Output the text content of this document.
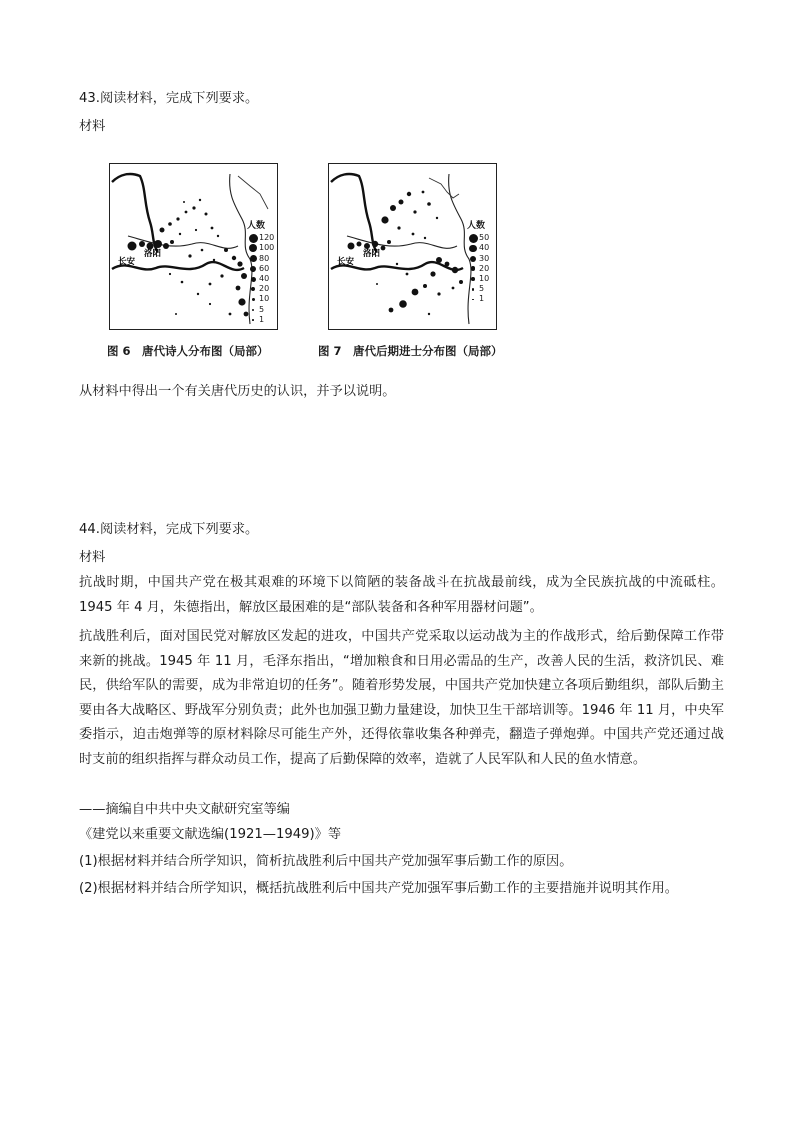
43.阅读材料，完成下列要求。
材料
长安
洛阳
人数
120
100
80
60
40
20
10
5
1
图 6　唐代诗人分布图（局部）
长安
洛阳
人数
50
40
30
20
10
5
1
图 7　唐代后期进士分布图（局部）
从材料中得出一个有关唐代历史的认识，并予以说明。
44.阅读材料，完成下列要求。
材料
抗战时期，中国共产党在极其艰难的环境下以简陋的装备战斗在抗战最前线，成为全民族抗战的中流砥柱。1945 年 4 月，朱德指出，解放区最困难的是“部队装备和各种军用器材问题”。
抗战胜利后，面对国民党对解放区发起的进攻，中国共产党采取以运动战为主的作战形式，给后勤保障工作带来新的挑战。1945 年 11 月，毛泽东指出，“增加粮食和日用必需品的生产，改善人民的生活，救济饥民、难民，供给军队的需要，成为非常迫切的任务”。随着形势发展，中国共产党加快建立各项后勤组织，部队后勤主要由各大战略区、野战军分别负责；此外也加强卫勤力量建设，加快卫生干部培训等。1946 年 11 月，中央军委指示，迫击炮弹等的原材料除尽可能生产外，还得依靠收集各种弹壳，翻造子弹炮弹。中国共产党还通过战时支前的组织指挥与群众动员工作，提高了后勤保障的效率，造就了人民军队和人民的鱼水情意。
——摘编自中共中央文献研究室等编
《建党以来重要文献选编(1921—1949)》等
(1)根据材料并结合所学知识，简析抗战胜利后中国共产党加强军事后勤工作的原因。
(2)根据材料并结合所学知识，概括抗战胜利后中国共产党加强军事后勤工作的主要措施并说明其作用。
